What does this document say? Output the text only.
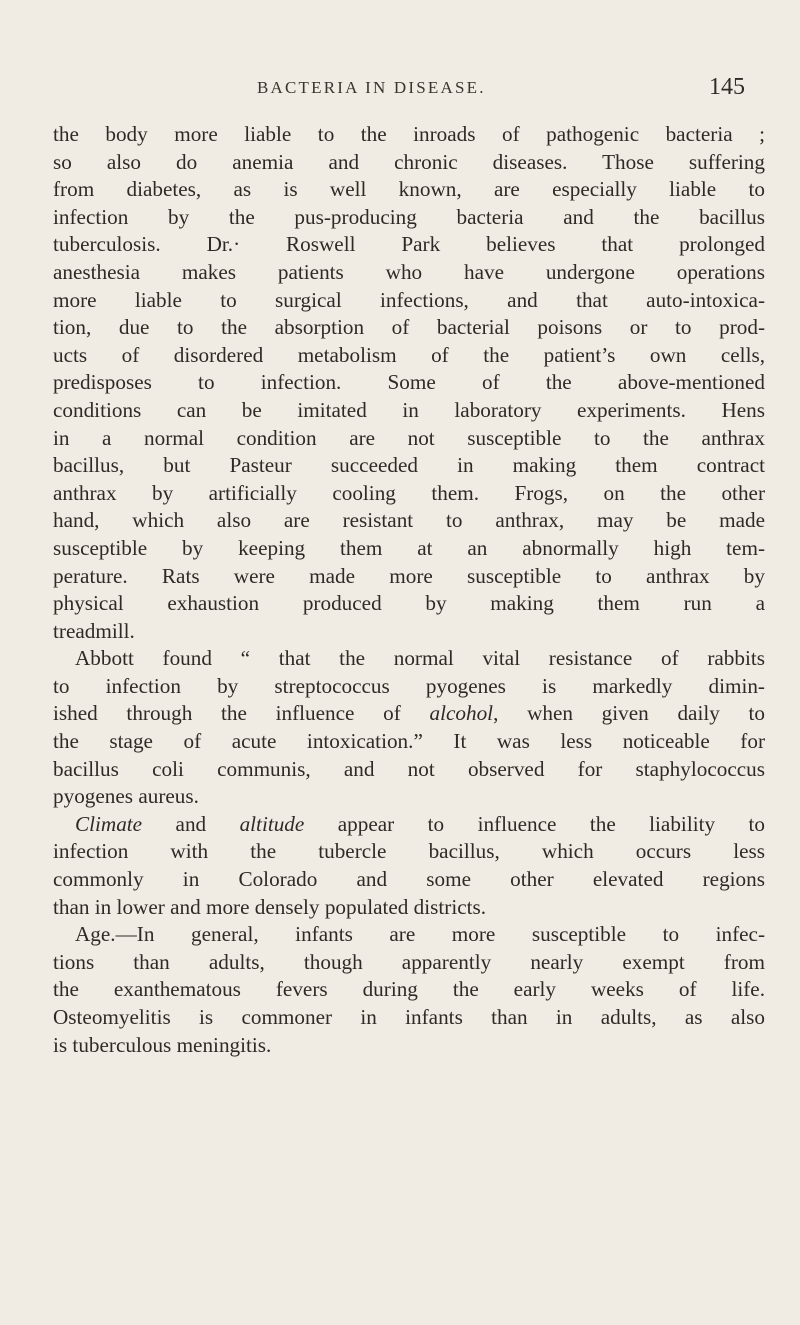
BACTERIA IN DISEASE.	145
the body more liable to the inroads of pathogenic bacteria ;
so also do anemia and chronic diseases. Those suffering
from diabetes, as is well known, are especially liable to
infection by the pus-producing bacteria and the bacillus
tuberculosis. Dr.· Roswell Park believes that prolonged
anesthesia makes patients who have undergone operations
more liable to surgical infections, and that auto-intoxica-
tion, due to the absorption of bacterial poisons or to prod-
ucts of disordered metabolism of the patient’s own cells,
predisposes to infection. Some of the above-mentioned
conditions can be imitated in laboratory experiments. Hens
in a normal condition are not susceptible to the anthrax
bacillus, but Pasteur succeeded in making them contract
anthrax by artificially cooling them. Frogs, on the other
hand, which also are resistant to anthrax, may be made
susceptible by keeping them at an abnormally high tem-
perature. Rats were made more susceptible to anthrax by
physical exhaustion produced by making them run a
treadmill.
Abbott found “ that the normal vital resistance of rabbits
to infection by streptococcus pyogenes is markedly dimin-
ished through the influence of alcohol, when given daily to
the stage of acute intoxication.” It was less noticeable for
bacillus coli communis, and not observed for staphylococcus
pyogenes aureus.
Climate and altitude appear to influence the liability to
infection with the tubercle bacillus, which occurs less
commonly in Colorado and some other elevated regions
than in lower and more densely populated districts.
Age.—In general, infants are more susceptible to infec-
tions than adults, though apparently nearly exempt from
the exanthematous fevers during the early weeks of life.
Osteomyelitis is commoner in infants than in adults, as also
is tuberculous meningitis.
